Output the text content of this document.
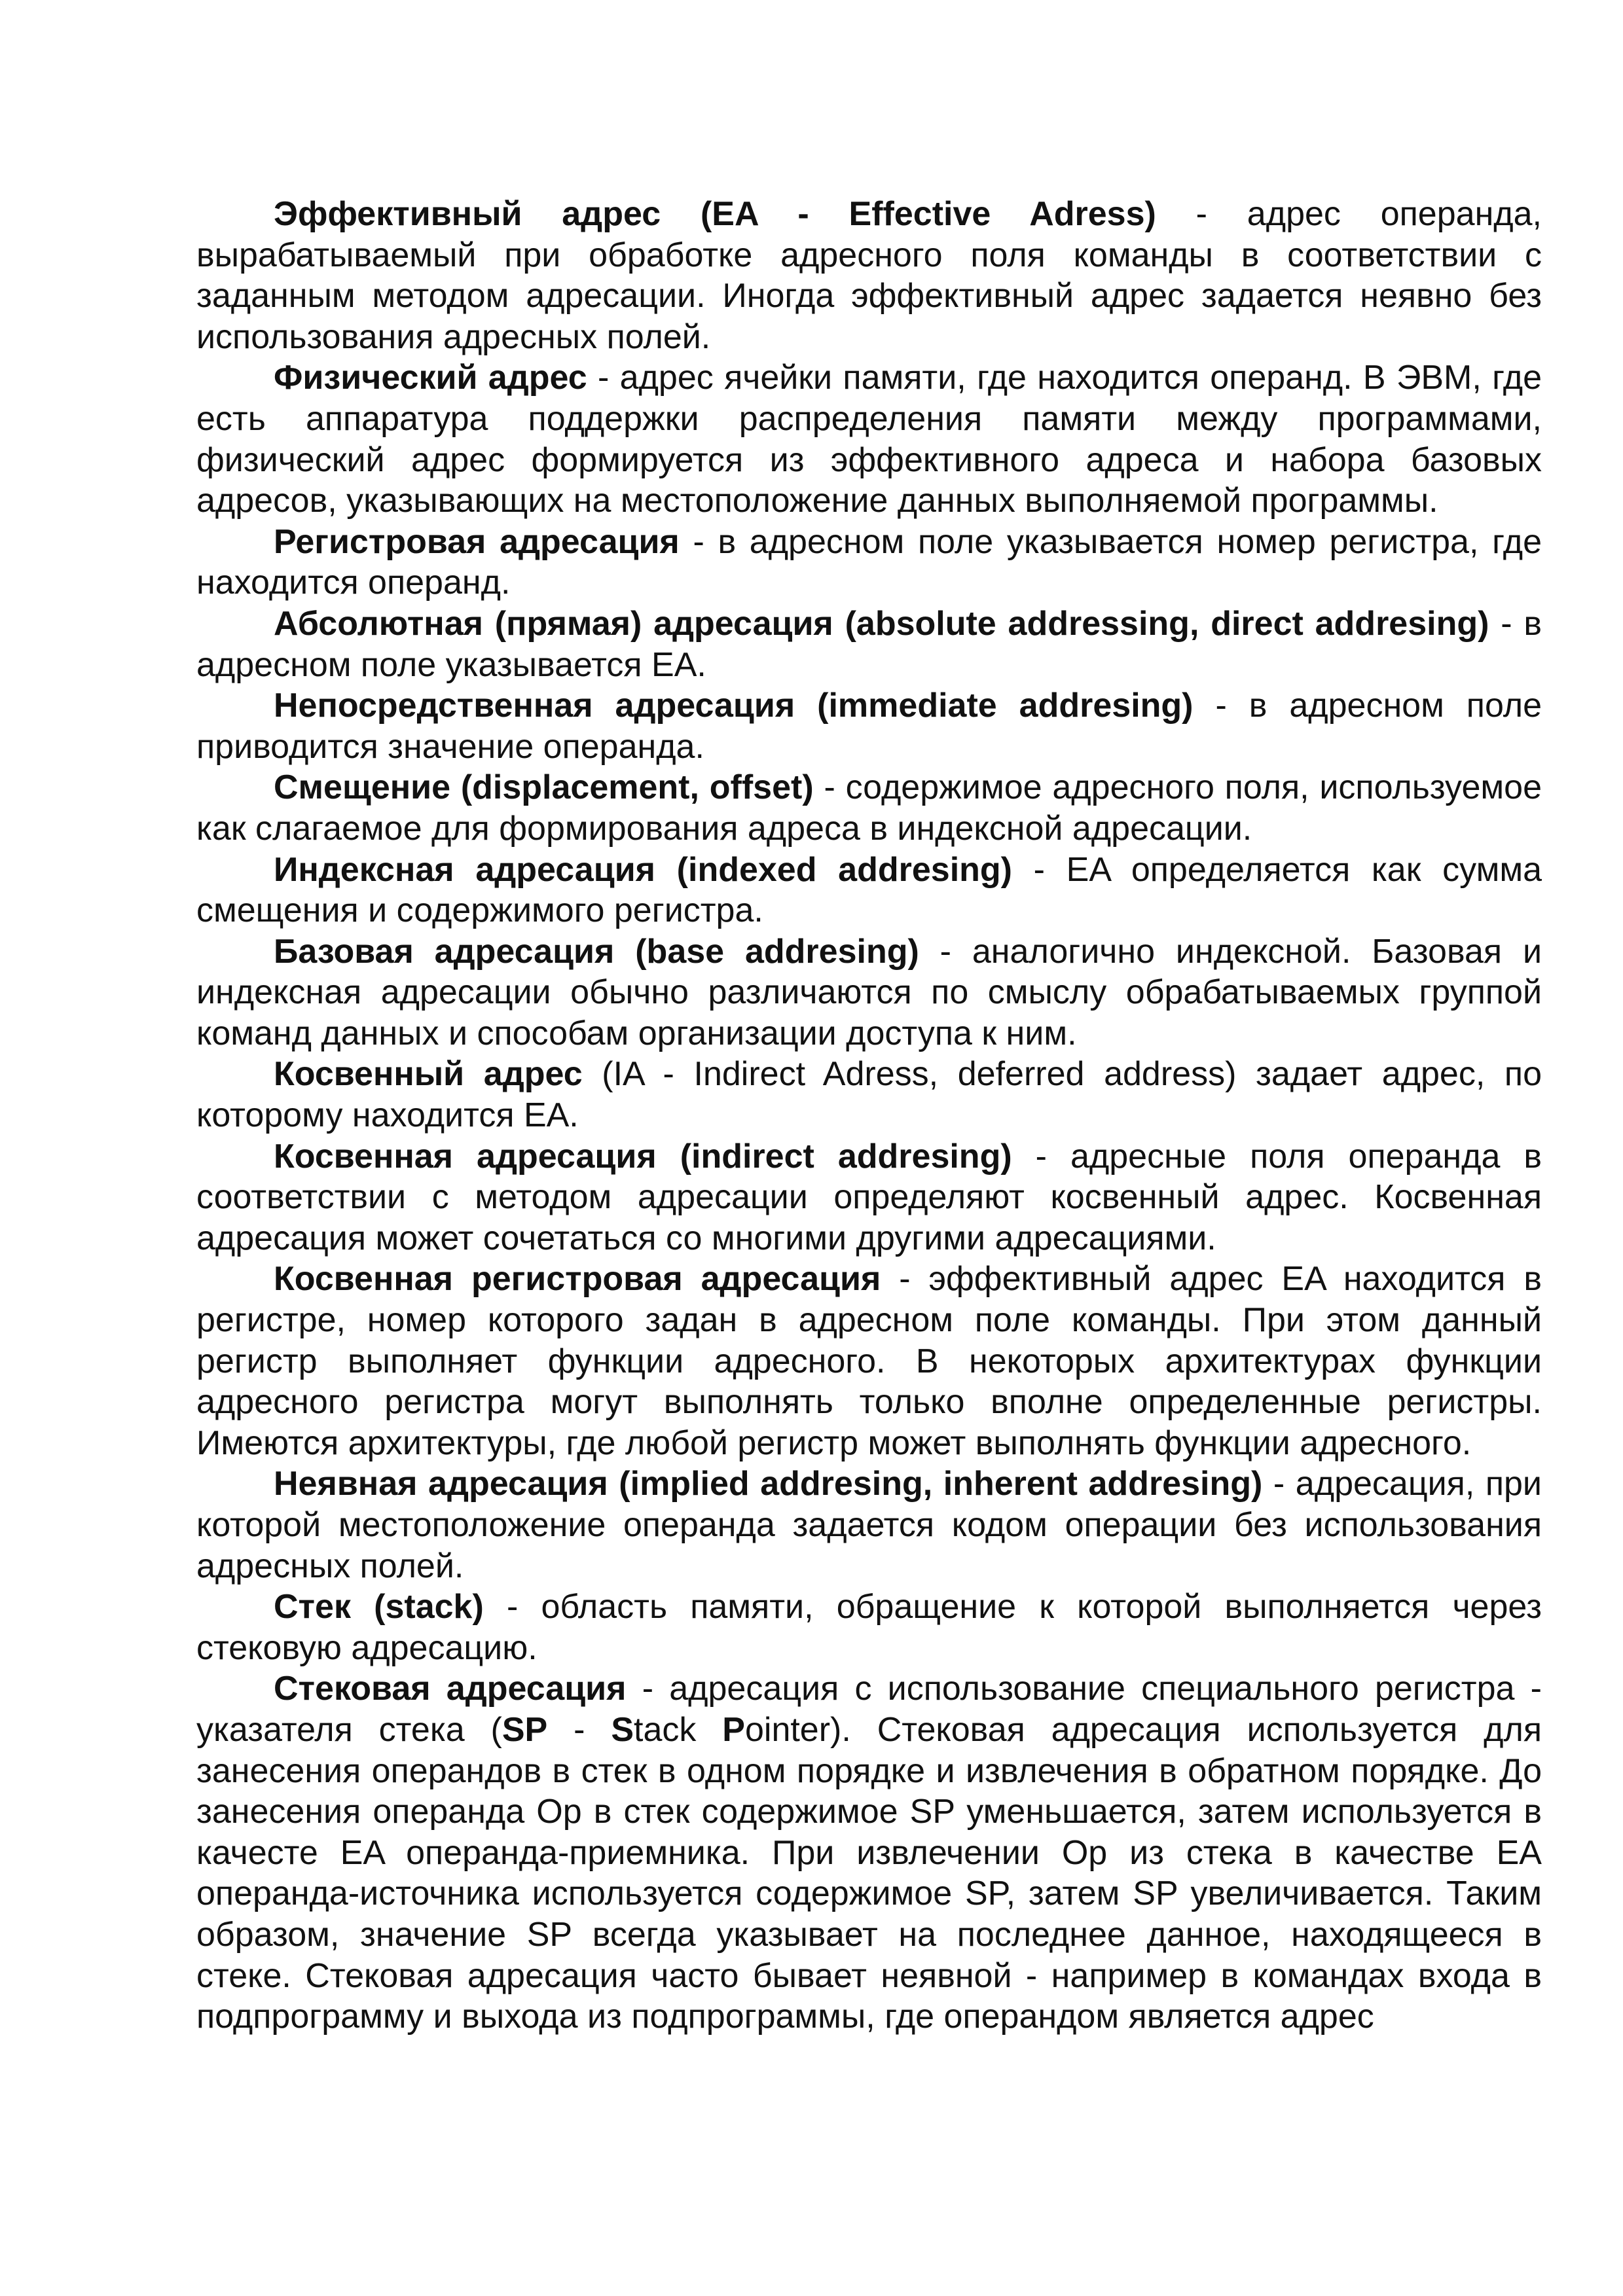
Эффективный адрес (EA - Effective Adress) - адрес операнда, вырабатываемый при обработке адресного поля команды в соответствии с заданным методом адресации. Иногда эффективный адрес задается неявно без использования адресных полей.

Физический адрес - адрес ячейки памяти, где находится операнд. В ЭВМ, где есть аппаратура поддержки распределения памяти между программами, физический адрес формируется из эффективного адреса и набора базовых адресов, указывающих на местоположение данных выполняемой программы.

Регистровая адресация - в адресном поле указывается номер регистра, где находится операнд.

Абсолютная (прямая) адресация (absolute addressing, direct addresing) - в адресном поле указывается EA.

Непосредственная адресация (immediate addresing) - в адресном поле приводится значение операнда.

Смещение (displacement, offset) - содержимое адресного поля, используемое как слагаемое для формирования адреса в индексной адресации.

Индексная адресация (indexed addresing) - EA определяется как сумма смещения и содержимого регистра.

Базовая адресация (base addresing) - аналогично индексной. Базовая и индексная адресации обычно различаются по смыслу обрабатываемых группой команд данных и способам организации доступа к ним.

Косвенный адрес (IA - Indirect Adress, deferred address) задает адрес, по которому находится EA.

Косвенная адресация (indirect addresing) - адресные поля операнда в соответствии с методом адресации определяют косвенный адрес. Косвенная адресация может сочетаться со многими другими адресациями.

Косвенная регистровая адресация - эффективный адрес EA находится в регистре, номер которого задан в адресном поле команды. При этом данный регистр выполняет функции адресного. В некоторых архитектурах функции адресного регистра могут выполнять только вполне определенные регистры. Имеются архитектуры, где любой регистр может выполнять функции адресного.

Неявная адресация (implied addresing, inherent addresing) - адресация, при которой местоположение операнда задается кодом операции без использования адресных полей.

Стек (stack) - область памяти, обращение к которой выполняется через стековую адресацию.

Стековая адресация - адресация с использование специального регистра - указателя стека (SP - Stack Pointer). Стековая адресация используется для занесения операндов в стек в одном порядке и извлечения в обратном порядке. До занесения операнда Op в стек содержимое SP уменьшается, затем используется в качесте EA операнда-приемника. При извлечении Op из стека в качестве EA операнда-источника используется содержимое SP, затем SP увеличивается. Таким образом, значение SP всегда указывает на последнее данное, находящееся в стеке. Стековая адресация часто бывает неявной - например в командах входа в подпрограмму и выхода из подпрограммы, где операндом является адрес
